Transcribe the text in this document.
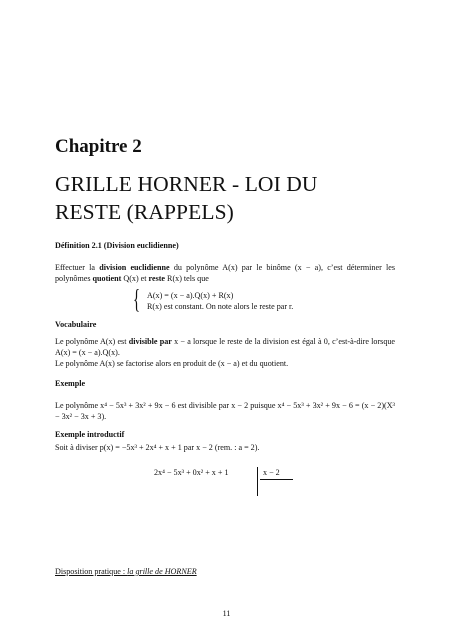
Chapitre 2
GRILLE HORNER - LOI DU
RESTE (RAPPELS)
Définition 2.1 (Division euclidienne)
Effectuer la division euclidienne du polynôme A(x) par le binôme (x − a), c’est déterminer les polynômes quotient Q(x) et reste R(x) tels que
{ A(x) = (x − a).Q(x) + R(x)
R(x) est constant. On note alors le reste par r.
Vocabulaire
Le polynôme A(x) est divisible par x − a lorsque le reste de la division est égal à 0, c’est-à-dire lorsque A(x) = (x − a).Q(x).
Le polynôme A(x) se factorise alors en produit de (x − a) et du quotient.
Exemple
Le polynôme x⁴ − 5x³ + 3x² + 9x − 6 est divisible par x − 2 puisque x⁴ − 5x³ + 3x² + 9x − 6 = (x − 2)(X³ − 3x² − 3x + 3).
Exemple introductif
Soit à diviser p(x) = −5x³ + 2x⁴ + x + 1 par x − 2 (rem. : a = 2).
2x⁴ − 5x³ + 0x² + x + 1	x − 2
Disposition pratique : la grille de HORNER
11
